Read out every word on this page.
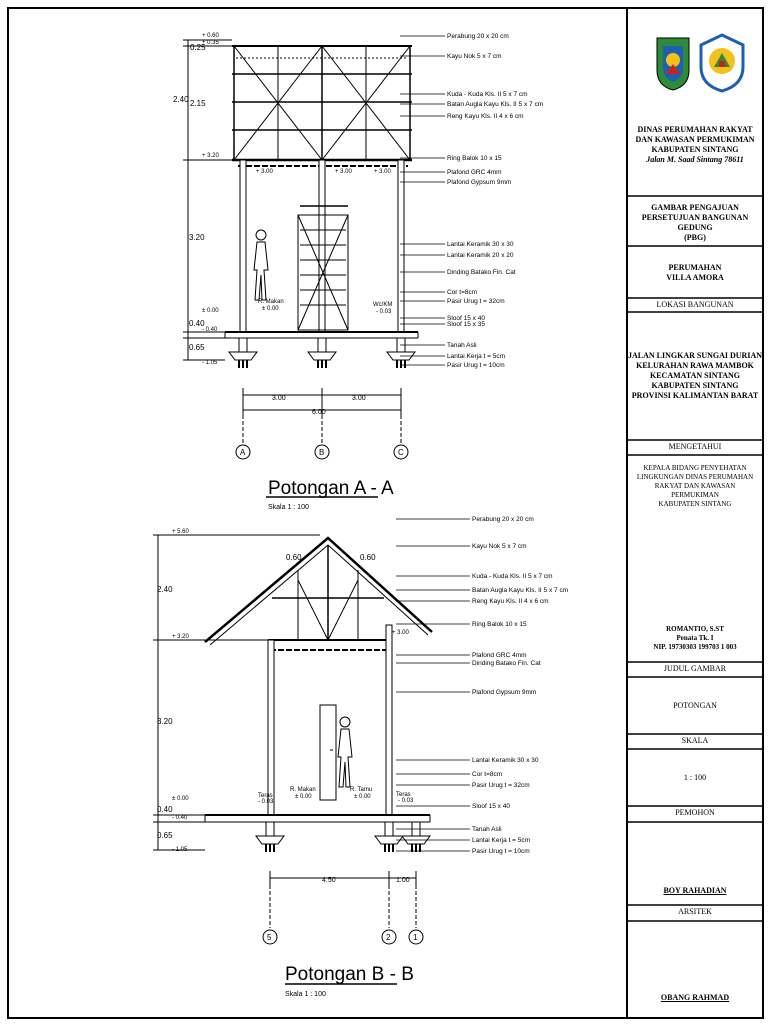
+ 0.60
+ 0.35
+ 3.20
± 0.00
- 0.40
- 1.05
+ 3.00	+ 3.00	+ 3.00
0.25
2.40 2.15
3.20
0.40
0.65
3.00	3.00
6.00
A	B	C
Potongan A - A
Skala 1 : 100
R. Makan
± 0.00
Wc/KM
- 0.03
Perabung 20 x 20 cm
Kayu Nok 5 x 7 cm
Kuda - Kuda Kls. II 5 x 7 cm
Batan Augla Kayu Kls. II 5 x 7 cm
Reng Kayu Kls. II 4 x 6 cm
Ring Balok 10 x 15
Plafond GRC 4mm
Plafond Gypsum 9mm
Lantai Keramik 30 x 30
Lantai Keramik 20 x 20
Dinding Batako Fin. Cat
Cor t=8cm
Pasir Urug t = 32cm
Sloof 15 x 40
Sloof 15 x 35
Tanah Asli
Lantai Kerja t = 5cm
Pasir Urug t = 10cm
+ 5.60
+ 3.20
± 0.00
- 0.40
- 1.05
+ 3.00
Teras
- 0.03
R. Makan
± 0.00
R. Tamu
± 0.00	Teras
- 0.03
0.60	0.60
2.40
3.20
0.40
0.65
4.50	1.00
5	2	1
Potongan B - B
Skala 1 : 100
Perabung 20 x 20 cm
Kayu Nok 5 x 7 cm
Kuda - Kuda Kls. II 5 x 7 cm
Batan Augla Kayu Kls. II 5 x 7 cm
Reng Kayu Kls. II 4 x 6 cm
Ring Balok 10 x 15
Plafond GRC 4mm
Dinding Batako Fin. Cat
Plafond Gypsum 9mm
Lantai Keramik 30 x 30
Cor t=8cm
Pasir Urug t = 32cm
Sloof 15 x 40
Tanah Asli
Lantai Kerja t = 5cm
Pasir Urug t = 10cm
DINAS PERUMAHAN RAKYAT
DAN KAWASAN PERMUKIMAN
KABUPATEN SINTANG
Jalan M. Saad Sintang 78611
GAMBAR PENGAJUAN
PERSETUJUAN BANGUNAN GEDUNG
(PBG)
PERUMAHAN
VILLA AMORA
LOKASI BANGUNAN
JALAN LINGKAR SUNGAI DURIAN
KELURAHAN RAWA MAMBOK
KECAMATAN SINTANG
KABUPATEN SINTANG
PROVINSI KALIMANTAN BARAT
MENGETAHUI
KEPALA BIDANG PENYEHATAN
LINGKUNGAN DINAS PERUMAHAN
RAKYAT DAN KAWASAN
PERMUKIMAN
KABUPATEN SINTANG
ROMANTIO, S.ST
Penata Tk. I
NIP. 19730303 199703 1 003
JUDUL GAMBAR
POTONGAN
SKALA
1 : 100
PEMOHON
BOY RAHADIAN
ARSITEK
OBANG RAHMAD
